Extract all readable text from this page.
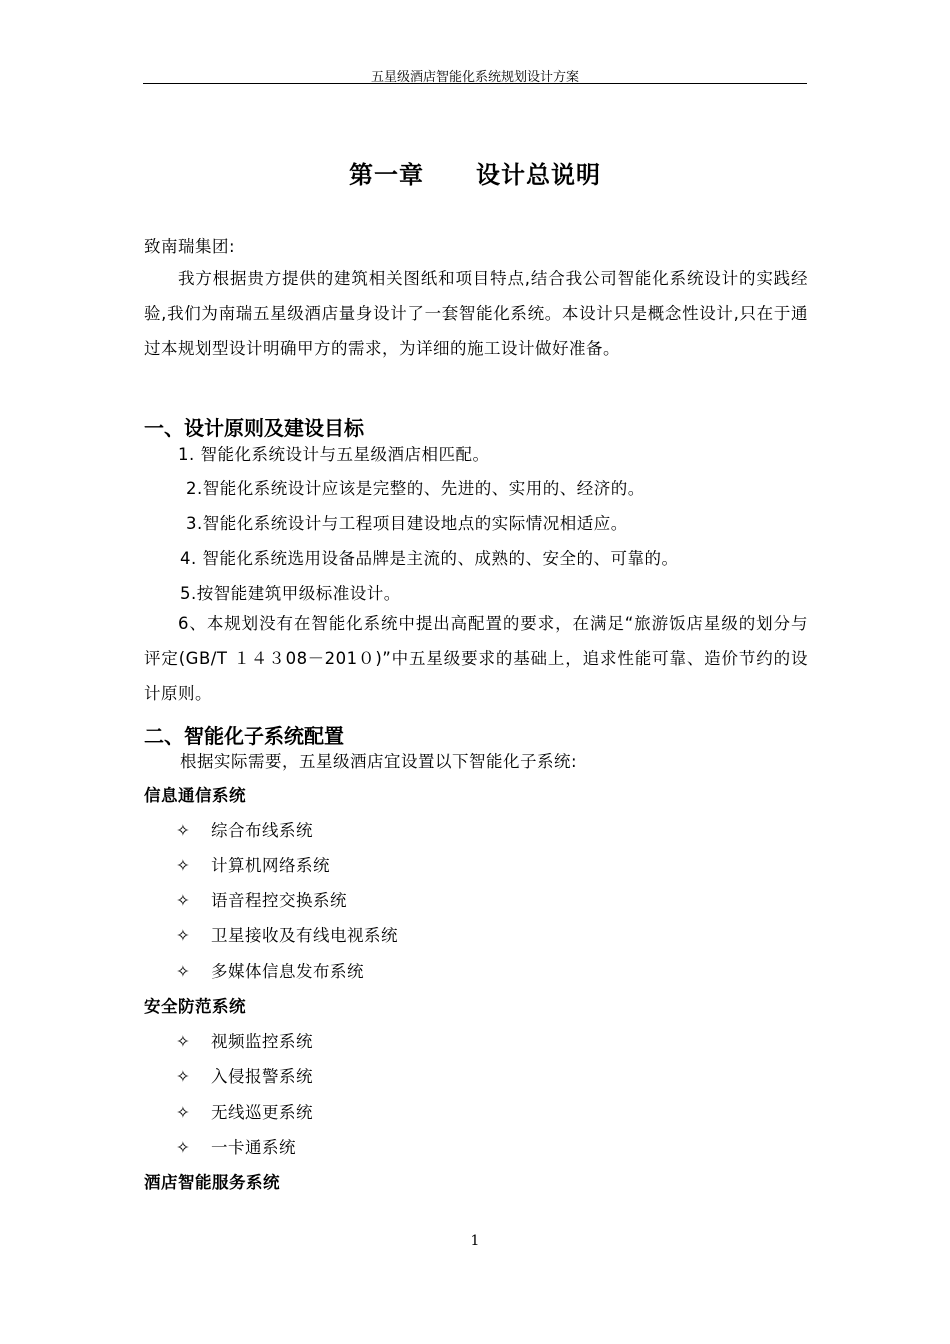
五星级酒店智能化系统规划设计方案
第一章 设计总说明
致南瑞集团:
我方根据贵方提供的建筑相关图纸和项目特点,结合我公司智能化系统设计的实践经验,我们为南瑞五星级酒店量身设计了一套智能化系统。本设计只是概念性设计,只在于通过本规划型设计明确甲方的需求，为详细的施工设计做好准备。
一、设计原则及建设目标
1. 智能化系统设计与五星级酒店相匹配。
2.智能化系统设计应该是完整的、先进的、实用的、经济的。
3.智能化系统设计与工程项目建设地点的实际情况相适应。
4. 智能化系统选用设备品牌是主流的、成熟的、安全的、可靠的。
5.按智能建筑甲级标准设计。
6、本规划没有在智能化系统中提出高配置的要求，在满足“旅游饭店星级的划分与评定(GB/T １４３08－201０)”中五星级要求的基础上，追求性能可靠、造价节约的设计原则。
二、智能化子系统配置
根据实际需要，五星级酒店宜设置以下智能化子系统:
信息通信系统
✧ 综合布线系统
✧ 计算机网络系统
✧ 语音程控交换系统
✧ 卫星接收及有线电视系统
✧ 多媒体信息发布系统
安全防范系统
✧ 视频监控系统
✧ 入侵报警系统
✧ 无线巡更系统
✧ 一卡通系统
酒店智能服务系统
1
